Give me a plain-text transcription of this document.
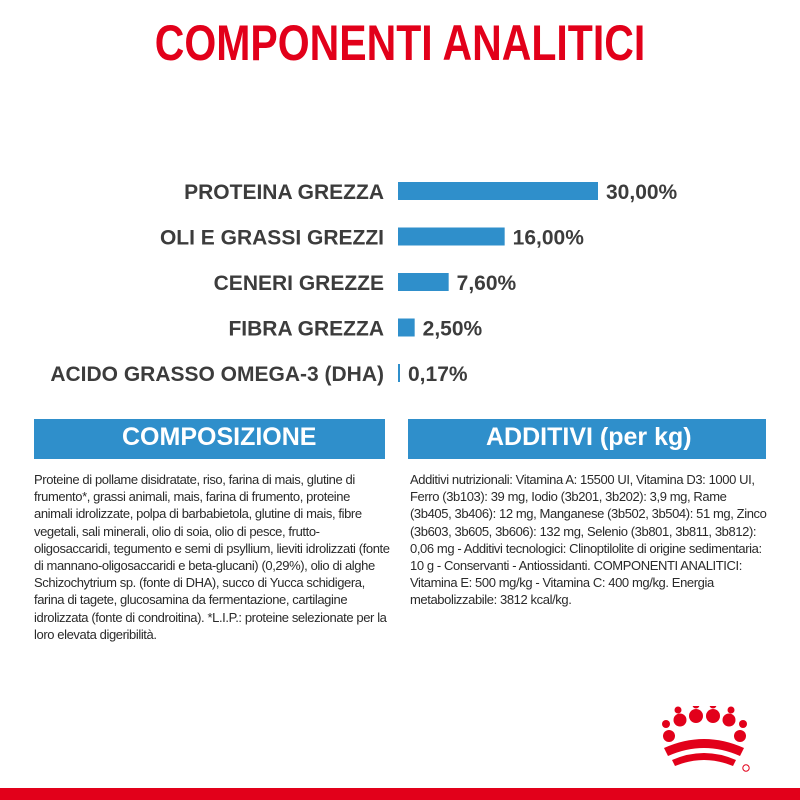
COMPONENTI ANALITICI
PROTEINA GREZZA	30,00%
OLI E GRASSI GREZZI	16,00%
CENERI GREZZE	7,60%
FIBRA GREZZA 2,50%
ACIDO GRASSO OMEGA-3 (DHA) 0,17%
COMPOSIZIONE	ADDITIVI (per kg)
Proteine di pollame disidratate, riso, farina di mais, glutine di frumento*, grassi animali, mais, farina di frumento, proteine animali idrolizzate, polpa di barbabietola, glutine di mais, fibre vegetali, sali minerali, olio di soia, olio di pesce, frutto-oligosaccaridi, tegumento e semi di psyllium, lieviti idrolizzati (fonte di mannano-oligosaccaridi e beta-glucani) (0,29%), olio di alghe Schizochytrium sp. (fonte di DHA), succo di Yucca schidigera, farina di tagete, glucosamina da fermentazione, cartilagine idrolizzata (fonte di condroitina). *L.I.P.: proteine selezionate per la loro elevata digeribilità.
Additivi nutrizionali: Vitamina A: 15500 UI, Vitamina D3: 1000 UI, Ferro (3b103): 39 mg, Iodio (3b201, 3b202): 3,9 mg, Rame (3b405, 3b406): 12 mg, Manganese (3b502, 3b504): 51 mg, Zinco (3b603, 3b605, 3b606): 132 mg, Selenio (3b801, 3b811, 3b812): 0,06 mg - Additivi tecnologici: Clinoptilolite di origine sedimentaria: 10 g - Conservanti - Antiossidanti. COMPONENTI ANALITICI: Vitamina E: 500 mg/kg - Vitamina C: 400 mg/kg. Energia metabolizzabile: 3812 kcal/kg.
